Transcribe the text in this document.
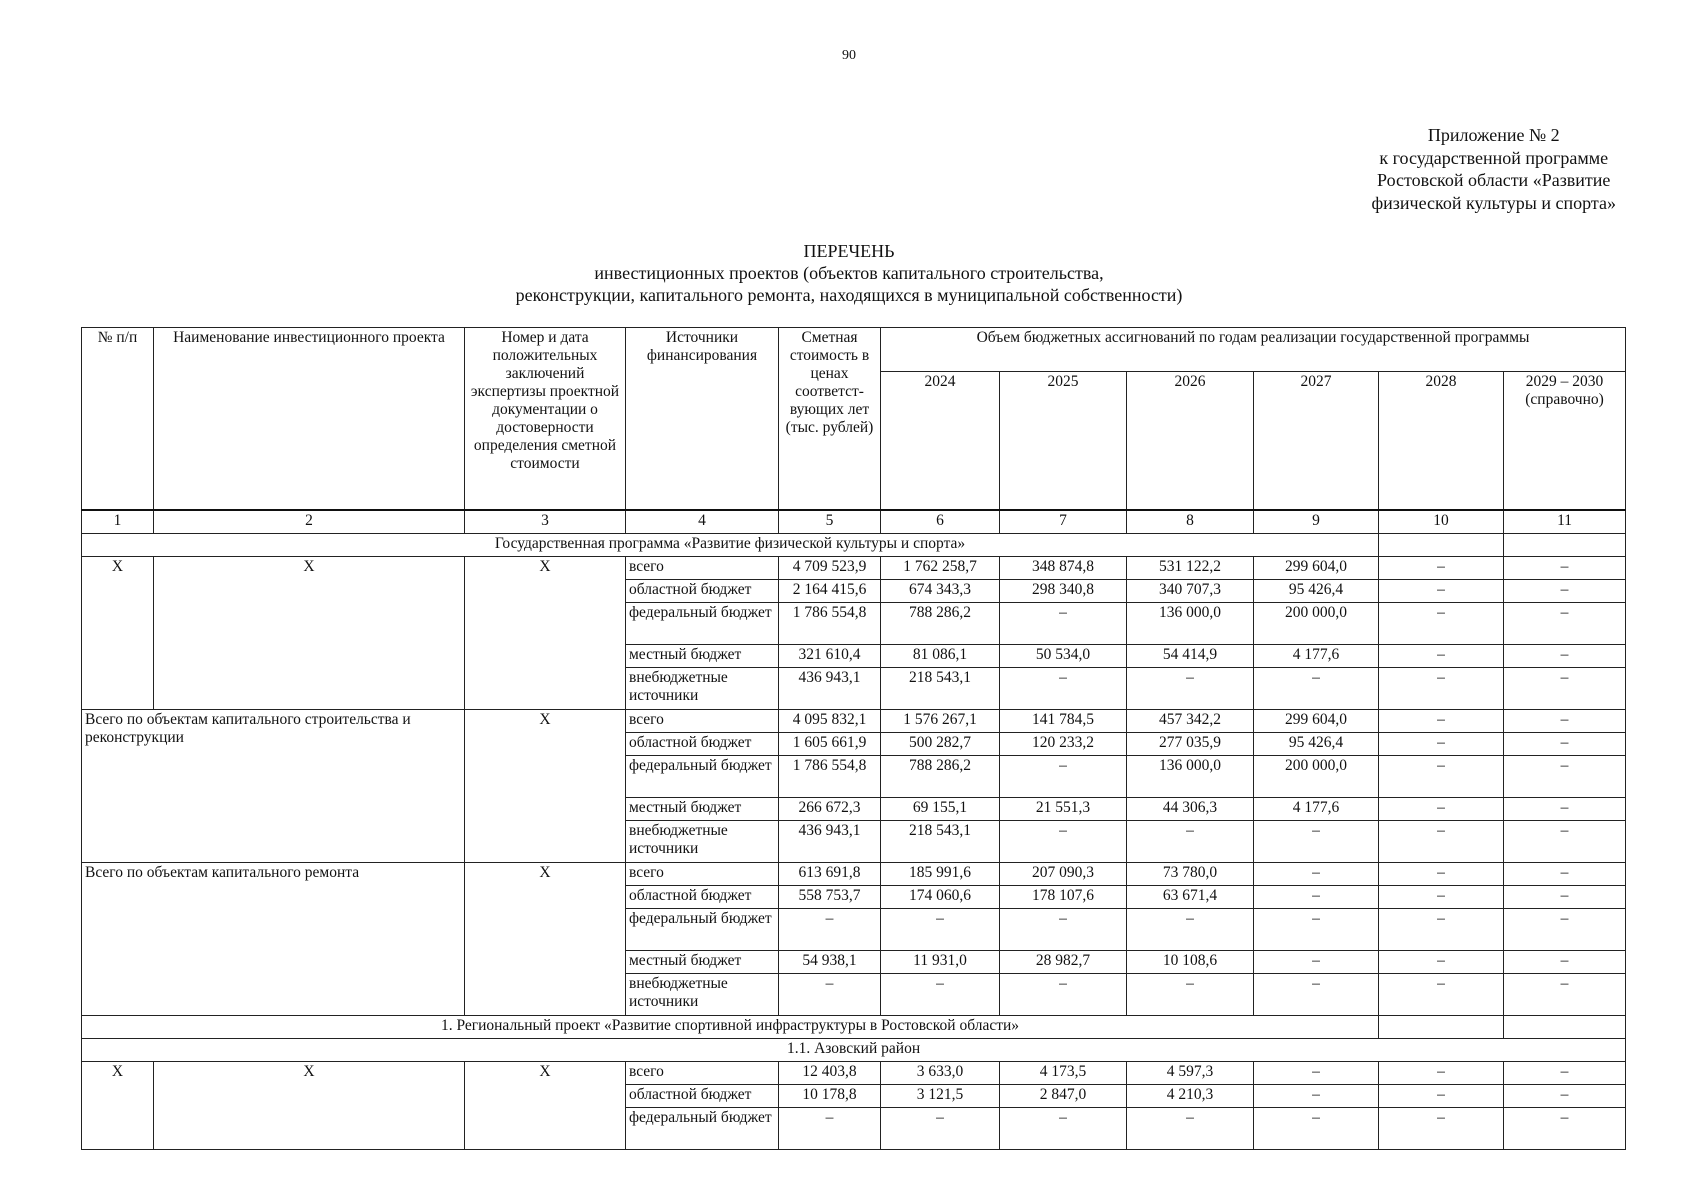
90
Приложение № 2
к государственной программе
Ростовской области «Развитие
физической культуры и спорта»
ПЕРЕЧЕНЬ
инвестиционных проектов (объектов капитального строительства,
реконструкции, капитального ремонта, находящихся в муниципальной собственности)
№ п/п	Наименование инвестиционного проекта	Номер и дата положительных заключений экспертизы проектной документации о достоверности определения сметной стоимости	Источники финансирования	Сметная стоимость в ценах соответст-вующих лет (тыс. рублей)	Объем бюджетных ассигнований по годам реализации государственной программы					
					2024	2025	2026	2027	2028	2029 – 2030 (справочно)
1	2	3	4	5	6	7	8	9	10	11
Государственная программа «Развитие физической культуры и спорта»										
Х	Х	Х	всего	4 709 523,9	1 762 258,7	348 874,8	531 122,2	299 604,0	–	–
			областной бюджет	2 164 415,6	674 343,3	298 340,8	340 707,3	95 426,4	–	–
			федеральный бюджет	1 786 554,8	788 286,2	–	136 000,0	200 000,0	–	–
			местный бюджет	321 610,4	81 086,1	50 534,0	54 414,9	4 177,6	–	–
			внебюджетные источники	436 943,1	218 543,1	–	–	–	–	–
Всего по объектам капитального строительства и реконструкции		Х	всего	4 095 832,1	1 576 267,1	141 784,5	457 342,2	299 604,0	–	–
			областной бюджет	1 605 661,9	500 282,7	120 233,2	277 035,9	95 426,4	–	–
			федеральный бюджет	1 786 554,8	788 286,2	–	136 000,0	200 000,0	–	–
			местный бюджет	266 672,3	69 155,1	21 551,3	44 306,3	4 177,6	–	–
			внебюджетные источники	436 943,1	218 543,1	–	–	–	–	–
Всего по объектам капитального ремонта		Х	всего	613 691,8	185 991,6	207 090,3	73 780,0	–	–	–
			областной бюджет	558 753,7	174 060,6	178 107,6	63 671,4	–	–	–
			федеральный бюджет	–	–	–	–	–	–	–
			местный бюджет	54 938,1	11 931,0	28 982,7	10 108,6	–	–	–
			внебюджетные источники	–	–	–	–	–	–	–
1. Региональный проект «Развитие спортивной инфраструктуры в Ростовской области»										
1.1. Азовский район										
Х	Х	Х	всего	12 403,8	3 633,0	4 173,5	4 597,3	–	–	–
			областной бюджет	10 178,8	3 121,5	2 847,0	4 210,3	–	–	–
			федеральный бюджет	–	–	–	–	–	–	–
